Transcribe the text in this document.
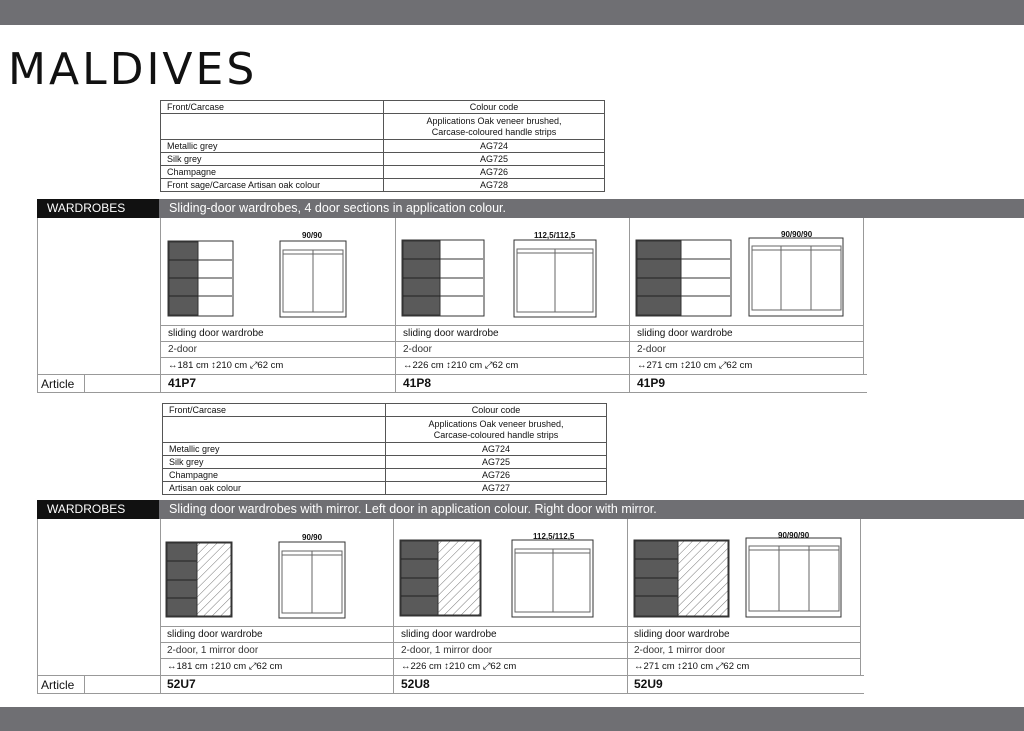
MALDIVES
Front/Carcase	Colour code
	Applications Oak veneer brushed,
Carcase-coloured handle strips
Metallic grey	AG724
Silk grey	AG725
Champagne	AG726
Front sage/Carcase Artisan oak colour	AG728
WARDROBES	Sliding-door wardrobes, 4 door sections in application colour.
90/90	112,5/112,5	90/90/90
sliding door wardrobe	sliding door wardrobe	sliding door wardrobe
2-door	2-door	2-door
↔181 cm ↕210 cm ⤢62 cm	↔226 cm ↕210 cm ⤢62 cm	↔271 cm ↕210 cm ⤢62 cm
Article	41P7	41P8	41P9
Front/Carcase	Colour code
	Applications Oak veneer brushed,
Carcase-coloured handle strips
Metallic grey	AG724
Silk grey	AG725
Champagne	AG726
Artisan oak colour	AG727
WARDROBES	Sliding door wardrobes with mirror. Left door in application colour. Right door with mirror.
90/90	112,5/112,5	90/90/90
sliding door wardrobe	sliding door wardrobe	sliding door wardrobe
2-door, 1 mirror door	2-door, 1 mirror door	2-door, 1 mirror door
↔181 cm ↕210 cm ⤢62 cm	↔226 cm ↕210 cm ⤢62 cm	↔271 cm ↕210 cm ⤢62 cm
Article	52U7	52U8	52U9
